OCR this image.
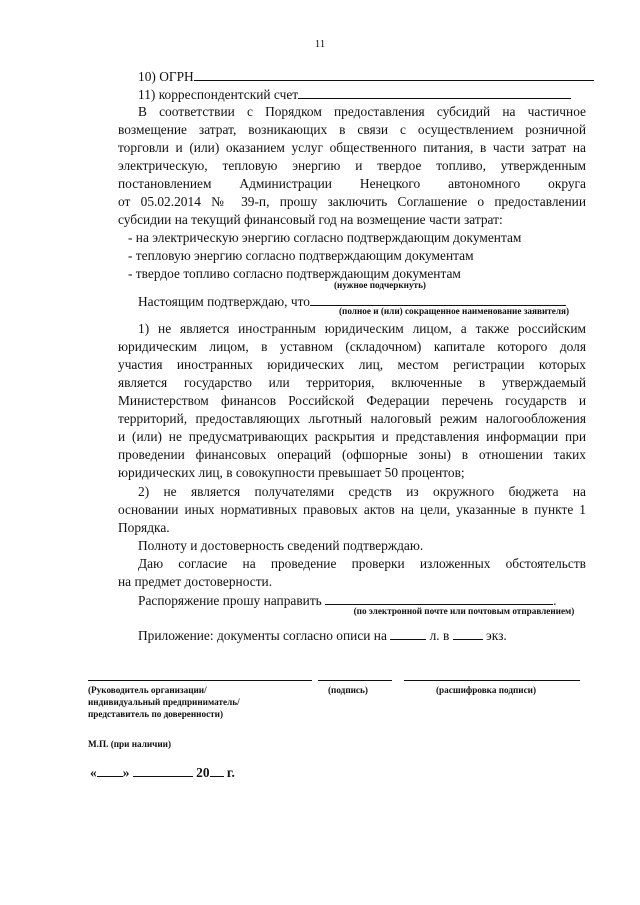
11
10) ОГРН
11) корреспондентский счет
В соответствии с Порядком предоставления субсидий на частичное
возмещение затрат, возникающих в связи с осуществлением розничной
торговли и (или) оказанием услуг общественного питания, в части затрат на
электрическую, тепловую энергию и твердое топливо, утвержденным
постановлением Администрации Ненецкого автономного округа
от 05.02.2014 № 39-п, прошу заключить Соглашение о предоставлении
субсидии на текущий финансовый год на возмещение части затрат:
- на электрическую энергию согласно подтверждающим документам
- тепловую энергию согласно подтверждающим документам
- твердое топливо согласно подтверждающим документам
(нужное подчеркнуть)
Настоящим подтверждаю, что
(полное и (или) сокращенное наименование заявителя)
1) не является иностранным юридическим лицом, а также российским
юридическим лицом, в уставном (складочном) капитале которого доля
участия иностранных юридических лиц, местом регистрации которых
является государство или территория, включенные в утверждаемый
Министерством финансов Российской Федерации перечень государств и
территорий, предоставляющих льготный налоговый режим налогообложения
и (или) не предусматривающих раскрытия и представления информации при
проведении финансовых операций (офшорные зоны) в отношении таких
юридических лиц, в совокупности превышает 50 процентов;
2) не является получателями средств из окружного бюджета на
основании иных нормативных правовых актов на цели, указанные в пункте 1
Порядка.
Полноту и достоверность сведений подтверждаю.
Даю согласие на проведение проверки изложенных обстоятельств
на предмет достоверности.
Распоряжение прошу направить	.
(по электронной почте или почтовым отправлением)
Приложение: документы согласно описи на	л. в	экз.
(Руководитель организации/
индивидуальный предприниматель/
представитель по доверенности)
(подпись)	(расшифровка подписи)
М.П. (при наличии)
« »	20 г.
